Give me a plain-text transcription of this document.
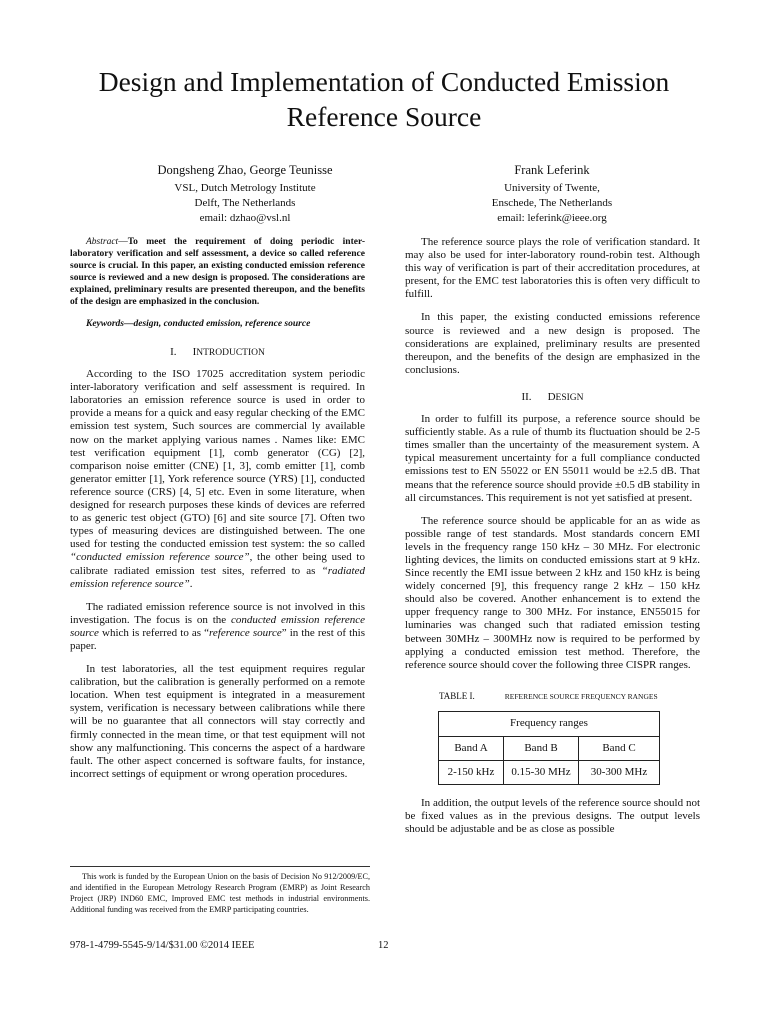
Design and Implementation of Conducted Emission
Reference Source
Dongsheng Zhao, George Teunisse
VSL, Dutch Metrology Institute
Delft, The Netherlands
email: dzhao@vsl.nl
Frank Leferink
University of Twente,
Enschede, The Netherlands
email: leferink@ieee.org

Abstract—To meet the requirement of doing periodic inter-laboratory verification and self assessment, a device so called reference source is crucial. In this paper, an existing conducted emission reference source is reviewed and a new design is proposed. The considerations are explained, preliminary results are presented thereupon, and the benefits of the design are emphasized in the conclusion.

Keywords—design, conducted emission, reference source

I. INTRODUCTION

According to the ISO 17025 accreditation system periodic inter-laboratory verification and self assessment is required. In laboratories an emission reference source is used in order to provide a means for a quick and easy regular checking of the EMC emission test system, Such sources are commercial ly available now on the market applying various names . Names like: EMC test verification equipment [1], comb generator (CG) [2], comparison noise emitter (CNE) [1, 3], comb emitter [1], comb generator emitter [1], York reference source (YRS) [1], conducted reference source (CRS) [4, 5] etc. Even in some literature, when designed for research purposes these kinds of devices are referred to as generic test object (GTO) [6] and site source [7]. Often two types of measuring devices are distinguished between. The one used for testing the conducted emission test system: the so called “conducted emission reference source”, the other being used to calibrate radiated emission test sites, referred to as “radiated emission reference source”.

The radiated emission reference source is not involved in this investigation. The focus is on the conducted emission reference source which is referred to as “reference source” in the rest of this paper.

In test laboratories, all the test equipment requires regular calibration, but the calibration is generally performed on a remote location. When test equipment is integrated in a measurement system, verification is necessary between calibrations while there will be no guarantee that all connectors will stay correctly and firmly connected in the mean time, or that test equipment will not show any malfunctioning. This concerns the aspect of a hardware fault. The other aspect concerned is software faults, for instance, incorrect settings of equipment or wrong operation procedures.

The reference source plays the role of verification standard. It may also be used for inter-laboratory round-robin test. Although this way of verification is part of their accreditation procedures, at present, for the EMC test laboratories this is often very difficult to fulfill.

In this paper, the existing conducted emissions reference source is reviewed and a new design is proposed. The considerations are explained, preliminary results are presented thereupon, and the benefits of the design are emphasized in the conclusions.

II. DESIGN

In order to fulfill its purpose, a reference source should be sufficiently stable. As a rule of thumb its fluctuation should be 2-5 times smaller than the uncertainty of the measurement system. A typical measurement uncertainty for a full compliance conducted emissions test to EN 55022 or EN 55011 would be ±2.5 dB. That means that the reference source should provide ±0.5 dB stability in all circumstances. This requirement is not yet satisfied at present.

The reference source should be applicable for an as wide as possible range of test standards. Most standards concern EMI levels in the frequency range 150 kHz – 30 MHz. For electronic lighting devices, the limits on conducted emissions start at 9 kHz. Since recently the EMI issue between 2 kHz and 150 kHz is being widely concerned [9], this frequency range 2 kHz – 150 kHz should also be covered. Another enhancement is to extend the upper frequency range to 300 MHz. For instance, EN55015 for luminaries was changed such that radiated emission testing between 30MHz – 300MHz now is required to be performed by applying a conducted emission test method. Therefore, the reference source should cover the following three CISPR ranges.

TABLE I.	REFERENCE SOURCE FREQUENCY RANGES
Frequency ranges		
Band A	Band B	Band C
2-150 kHz	0.15-30 MHz	30-300 MHz

In addition, the output levels of the reference source should not be fixed values as in the previous designs. The output levels should be adjustable and be as close as possible

This work is funded by the European Union on the basis of Decision No 912/2009/EC, and identified in the European Metrology Research Program (EMRP) as Joint Research Project (JRP) IND60 EMC, Improved EMC test methods in industrial environments. Additional funding was received from the EMRP participating countries.
978-1-4799-5545-9/14/$31.00 ©2014 IEEE	12
